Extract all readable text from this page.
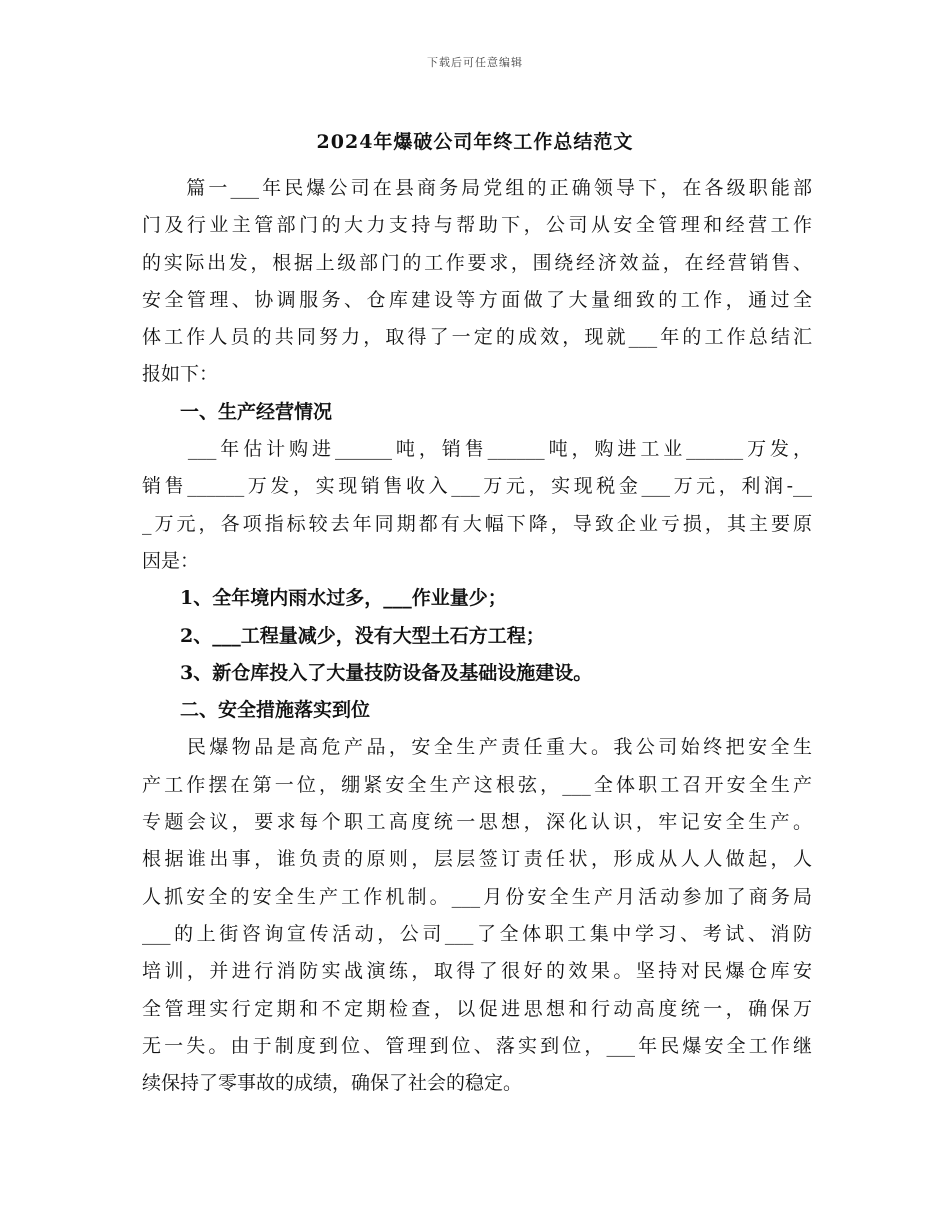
下载后可任意编辑
2024年爆破公司年终工作总结范文
　　篇一___年民爆公司在县商务局党组的正确领导下，在各级职能部
门及行业主管部门的大力支持与帮助下，公司从安全管理和经营工作
的实际出发，根据上级部门的工作要求，围绕经济效益，在经营销售、
安全管理、协调服务、仓库建设等方面做了大量细致的工作，通过全
体工作人员的共同努力，取得了一定的成效，现就___年的工作总结汇
报如下：
　　一、生产经营情况
　　___年估计购进______吨，销售______吨，购进工业______万发，
销售______万发，实现销售收入___万元，实现税金___万元，利润-__
_万元，各项指标较去年同期都有大幅下降，导致企业亏损，其主要原
因是：
　　1、全年境内雨水过多，___作业量少；
　　2、___工程量减少，没有大型土石方工程；
　　3、新仓库投入了大量技防设备及基础设施建设。
　　二、安全措施落实到位
　　民爆物品是高危产品，安全生产责任重大。我公司始终把安全生
产工作摆在第一位，绷紧安全生产这根弦，___全体职工召开安全生产
专题会议，要求每个职工高度统一思想，深化认识，牢记安全生产。
根据谁出事，谁负责的原则，层层签订责任状，形成从人人做起，人
人抓安全的安全生产工作机制。___月份安全生产月活动参加了商务局
___的上街咨询宣传活动，公司___了全体职工集中学习、考试、消防
培训，并进行消防实战演练，取得了很好的效果。坚持对民爆仓库安
全管理实行定期和不定期检查，以促进思想和行动高度统一，确保万
无一失。由于制度到位、管理到位、落实到位，___年民爆安全工作继
续保持了零事故的成绩，确保了社会的稳定。
